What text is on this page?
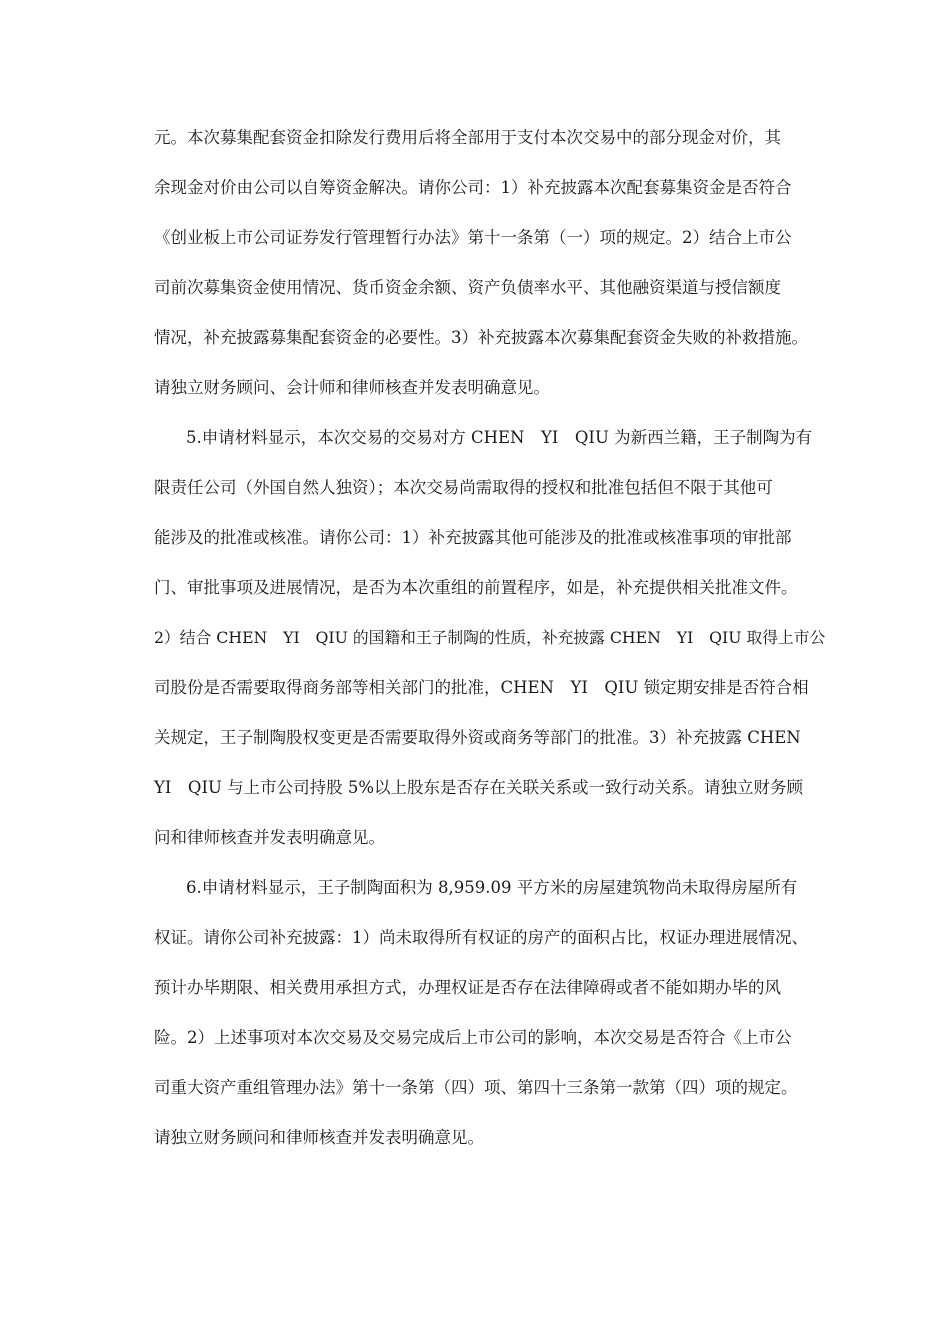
元。本次募集配套资金扣除发行费用后将全部用于支付本次交易中的部分现金对价，其
余现金对价由公司以自筹资金解决。请你公司：1）补充披露本次配套募集资金是否符合
《创业板上市公司证券发行管理暂行办法》第十一条第（一）项的规定。2）结合上市公
司前次募集资金使用情况、货币资金余额、资产负债率水平、其他融资渠道与授信额度
情况，补充披露募集配套资金的必要性。3）补充披露本次募集配套资金失败的补救措施。
请独立财务顾问、会计师和律师核查并发表明确意见。
5.申请材料显示，本次交易的交易对方 CHEN　YI　QIU 为新西兰籍，王子制陶为有
限责任公司（外国自然人独资）；本次交易尚需取得的授权和批准包括但不限于其他可
能涉及的批准或核准。请你公司：1）补充披露其他可能涉及的批准或核准事项的审批部
门、审批事项及进展情况，是否为本次重组的前置程序，如是，补充提供相关批准文件。
2）结合 CHEN　YI　QIU 的国籍和王子制陶的性质，补充披露 CHEN　YI　QIU 取得上市公
司股份是否需要取得商务部等相关部门的批准，CHEN　YI　QIU 锁定期安排是否符合相
关规定，王子制陶股权变更是否需要取得外资或商务等部门的批准。3）补充披露 CHEN
YI　QIU 与上市公司持股 5%以上股东是否存在关联关系或一致行动关系。请独立财务顾
问和律师核查并发表明确意见。
6.申请材料显示，王子制陶面积为 8,959.09 平方米的房屋建筑物尚未取得房屋所有
权证。请你公司补充披露：1）尚未取得所有权证的房产的面积占比，权证办理进展情况、
预计办毕期限、相关费用承担方式，办理权证是否存在法律障碍或者不能如期办毕的风
险。2）上述事项对本次交易及交易完成后上市公司的影响，本次交易是否符合《上市公
司重大资产重组管理办法》第十一条第（四）项、第四十三条第一款第（四）项的规定。
请独立财务顾问和律师核查并发表明确意见。
